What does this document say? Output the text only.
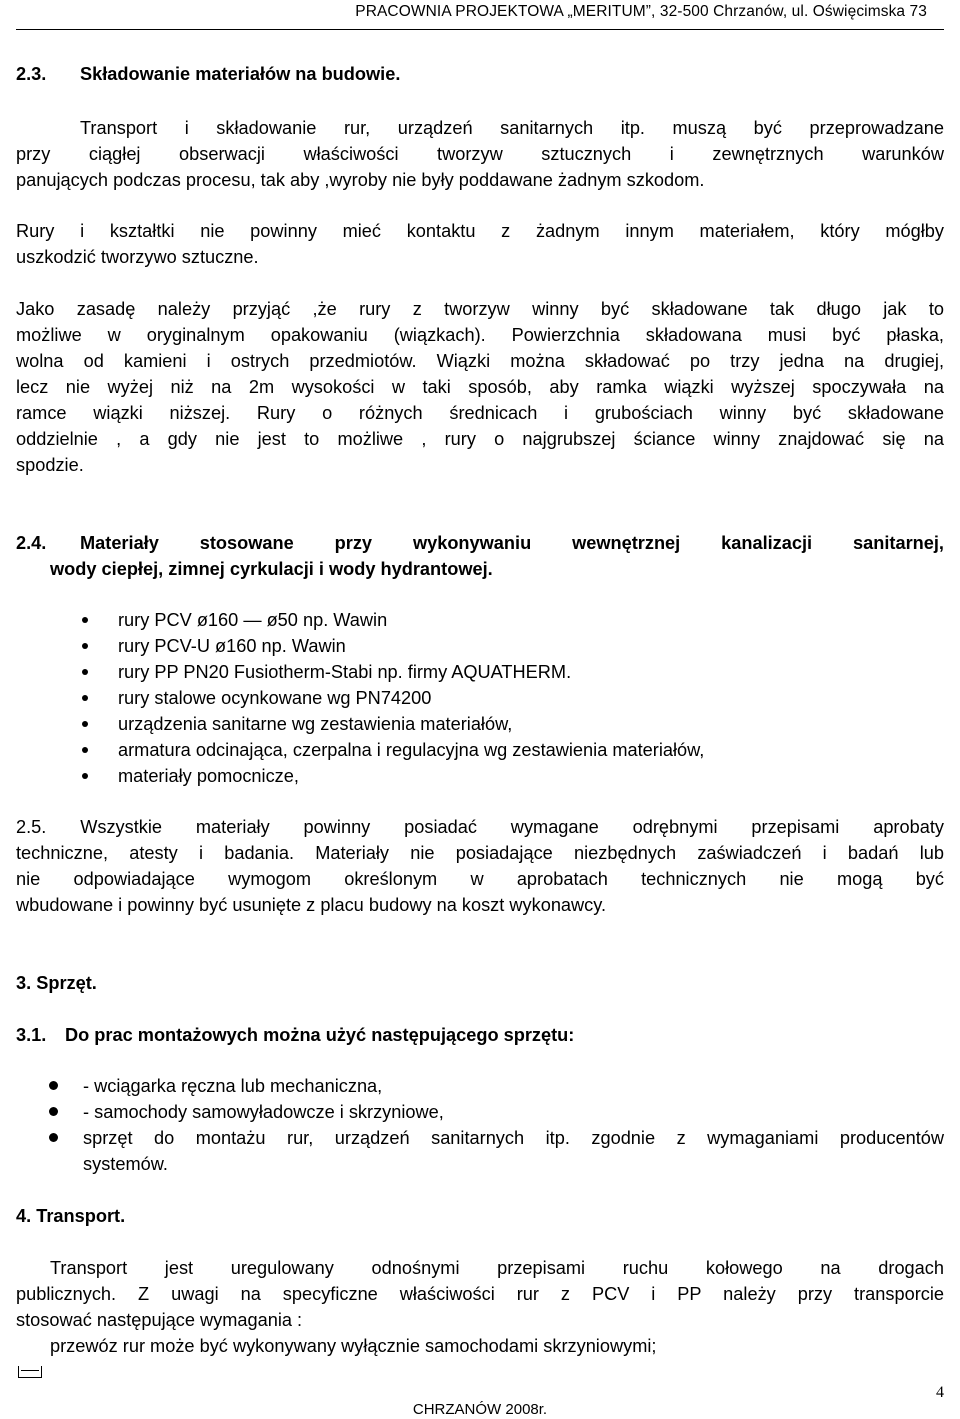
PRACOWNIA PROJEKTOWA „MERITUM”, 32-500 Chrzanów, ul. Oświęcimska 73
2.3. Składowanie materiałów na budowie.
Transport i składowanie rur, urządzeń sanitarnych itp. muszą być przeprowadzane
przy ciągłej obserwacji właściwości tworzyw sztucznych i zewnętrznych warunków
panujących podczas procesu, tak aby ,wyroby nie były poddawane żadnym szkodom.
Rury i kształtki nie powinny mieć kontaktu z żadnym innym materiałem, który mógłby
uszkodzić tworzywo sztuczne.
Jako zasadę należy przyjąć ,że rury z tworzyw winny być składowane tak długo jak to
możliwe w oryginalnym opakowaniu (wiązkach). Powierzchnia składowana musi być płaska,
wolna od kamieni i ostrych przedmiotów. Wiązki można składować po trzy jedna na drugiej,
lecz nie wyżej niż na 2m wysokości w taki sposób, aby ramka wiązki wyższej spoczywała na
ramce wiązki niższej. Rury o różnych średnicach i grubościach winny być składowane
oddzielnie , a gdy nie jest to możliwe , rury o najgrubszej ściance winny znajdować się na
spodzie.
2.4. Materiały stosowane przy wykonywaniu wewnętrznej kanalizacji sanitarnej,
wody ciepłej, zimnej cyrkulacji i wody hydrantowej.
rury PCV ø160 — ø50 np. Wawin
rury PCV-U ø160 np. Wawin
rury PP PN20 Fusiotherm-Stabi np. firmy AQUATHERM.
rury stalowe ocynkowane wg PN74200
urządzenia sanitarne wg zestawienia materiałów,
armatura odcinająca, czerpalna i regulacyjna wg zestawienia materiałów,
materiały pomocnicze,
2.5. Wszystkie materiały powinny posiadać wymagane odrębnymi przepisami aprobaty
techniczne, atesty i badania. Materiały nie posiadające niezbędnych zaświadczeń i badań lub
nie odpowiadające wymogom określonym w aprobatach technicznych nie mogą być
wbudowane i powinny być usunięte z placu budowy na koszt wykonawcy.
3. Sprzęt.
3.1. Do prac montażowych można użyć następującego sprzętu:
- wciągarka ręczna lub mechaniczna,
- samochody samowyładowcze i skrzyniowe,
sprzęt do montażu rur, urządzeń sanitarnych itp. zgodnie z wymaganiami producentów
systemów.
4. Transport.
Transport jest uregulowany odnośnymi przepisami ruchu kołowego na drogach
publicznych. Z uwagi na specyficzne właściwości rur z PCV i PP należy przy transporcie
stosować następujące wymagania :
przewóz rur może być wykonywany wyłącznie samochodami skrzyniowymi;
4
CHRZANÓW 2008r.
